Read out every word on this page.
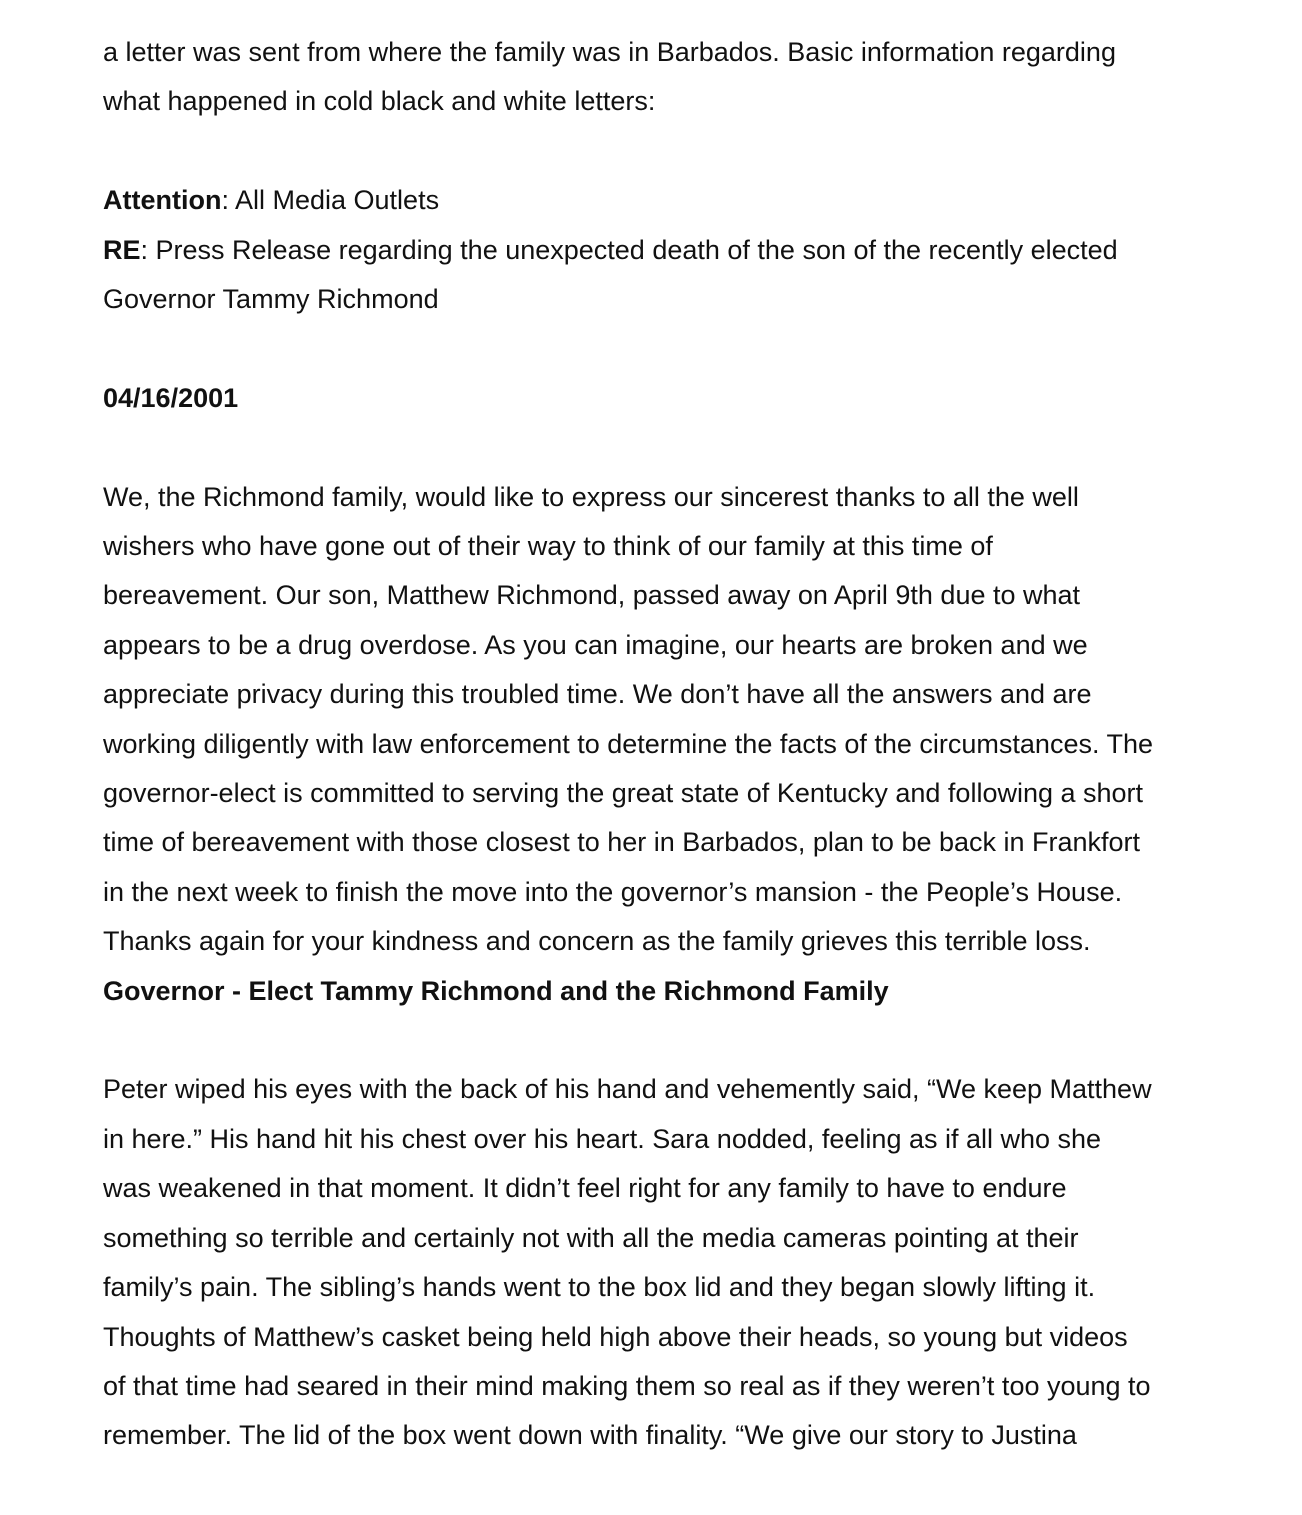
a letter was sent from where the family was in Barbados. Basic information regarding

what happened in cold black and white letters:

Attention: All Media Outlets

RE: Press Release regarding the unexpected death of the son of the recently elected

Governor Tammy Richmond

04/16/2001

We, the Richmond family, would like to express our sincerest thanks to all the well

wishers who have gone out of their way to think of our family at this time of

bereavement. Our son, Matthew Richmond, passed away on April 9th due to what

appears to be a drug overdose. As you can imagine, our hearts are broken and we

appreciate privacy during this troubled time. We don’t have all the answers and are

working diligently with law enforcement to determine the facts of the circumstances. The

governor-elect is committed to serving the great state of Kentucky and following a short

time of bereavement with those closest to her in Barbados, plan to be back in Frankfort

in the next week to finish the move into the governor’s mansion - the People’s House.

Thanks again for your kindness and concern as the family grieves this terrible loss.

Governor - Elect Tammy Richmond and the Richmond Family

Peter wiped his eyes with the back of his hand and vehemently said, “We keep Matthew

in here.” His hand hit his chest over his heart. Sara nodded, feeling as if all who she

was weakened in that moment. It didn’t feel right for any family to have to endure

something so terrible and certainly not with all the media cameras pointing at their

family’s pain. The sibling’s hands went to the box lid and they began slowly lifting it.

Thoughts of Matthew’s casket being held high above their heads, so young but videos

of that time had seared in their mind making them so real as if they weren’t too young to

remember. The lid of the box went down with finality. “We give our story to Justina
